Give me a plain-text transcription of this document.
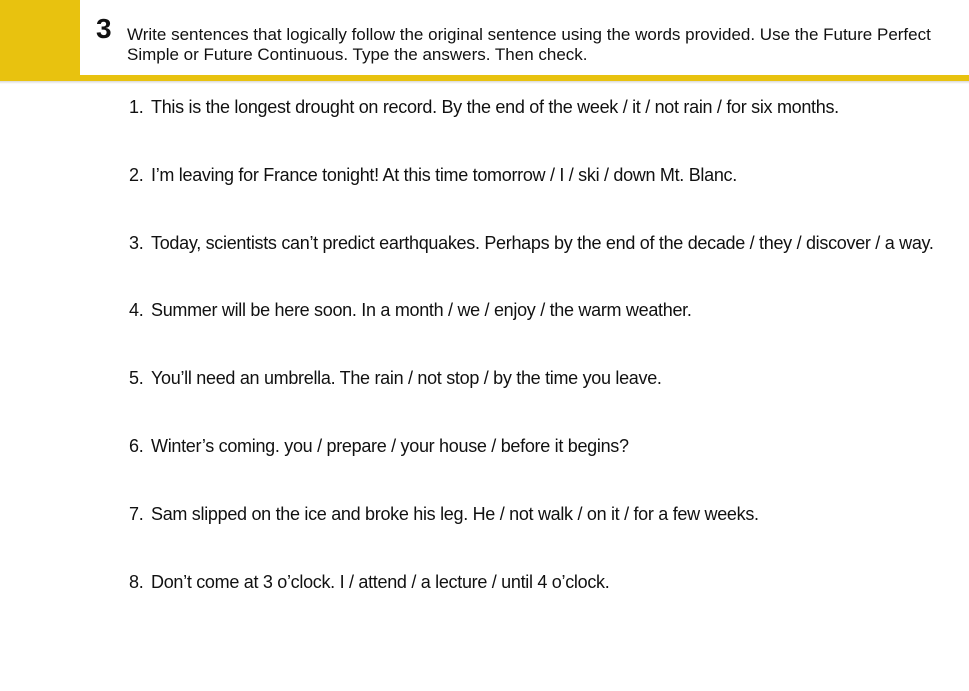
3 Write sentences that logically follow the original sentence using the words provided. Use the Future Perfect Simple or Future Continuous. Type the answers. Then check.
1. This is the longest drought on record. By the end of the week / it / not rain / for six months.
2. I’m leaving for France tonight! At this time tomorrow / I / ski / down Mt. Blanc.
3. Today, scientists can’t predict earthquakes. Perhaps by the end of the decade / they / discover / a way.
4. Summer will be here soon. In a month / we / enjoy / the warm weather.
5. You’ll need an umbrella. The rain / not stop / by the time you leave.
6. Winter’s coming. you / prepare / your house / before it begins?
7. Sam slipped on the ice and broke his leg. He / not walk / on it / for a few weeks.
8. Don’t come at 3 o’clock. I / attend / a lecture / until 4 o’clock.
